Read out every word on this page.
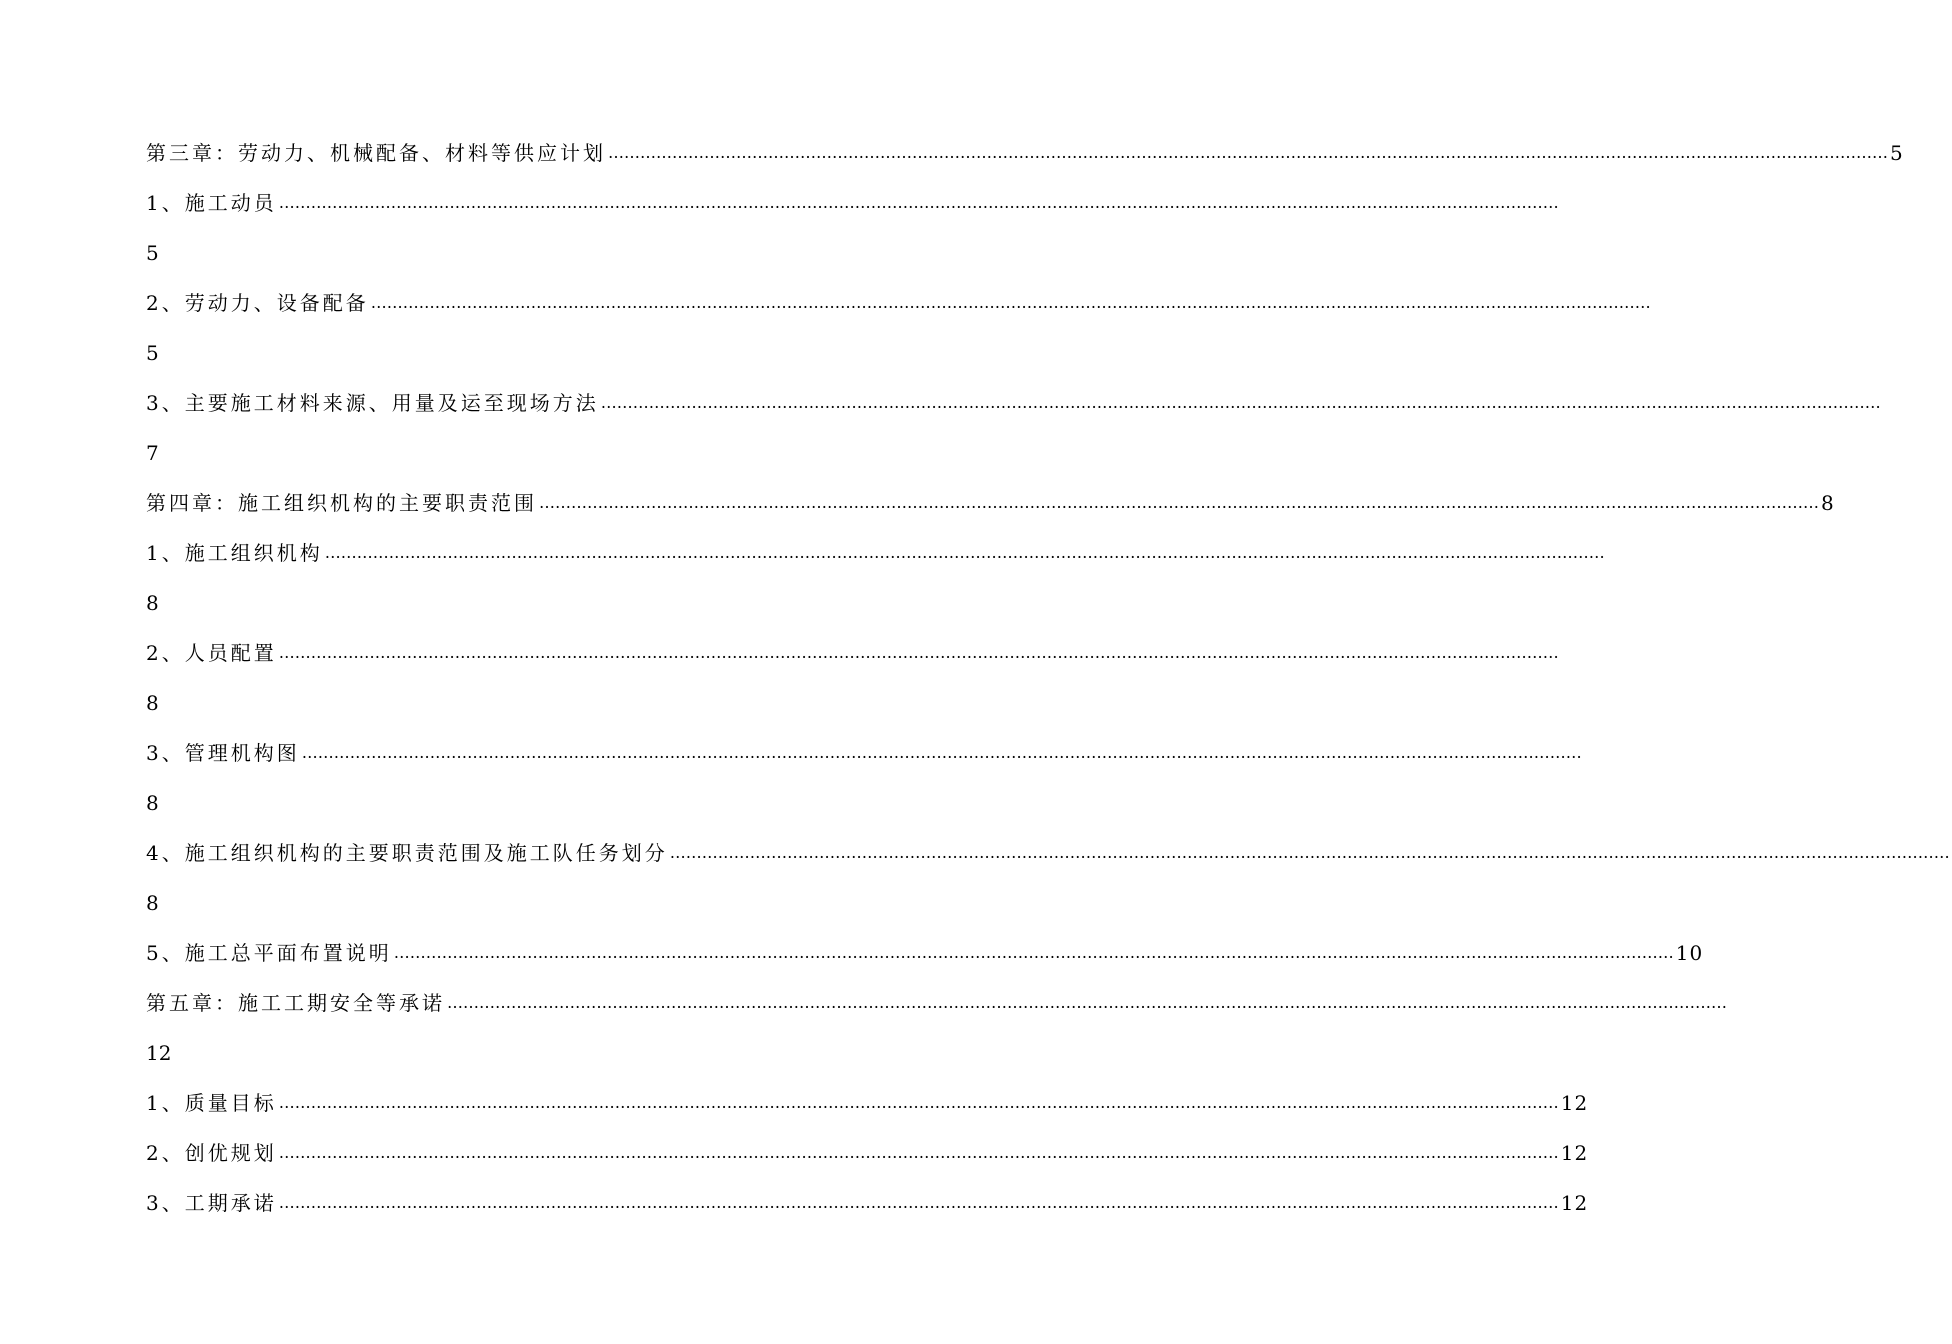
第三章：劳动力、机械配备、材料等供应计划 …………………………………………………………………………………………………………………………………………………………………………………………………………………… 5
1、施工动员 ……………………………………………………………………………………………………………………………………………………………………………………………………………………
5
2、劳动力、设备配备 ……………………………………………………………………………………………………………………………………………………………………………………………………………………
5
3、主要施工材料来源、用量及运至现场方法 ……………………………………………………………………………………………………………………………………………………………………………………………………………………
7
第四章：施工组织机构的主要职责范围 …………………………………………………………………………………………………………………………………………………………………………………………………………………… 8
1、施工组织机构 ……………………………………………………………………………………………………………………………………………………………………………………………………………………
8
2、人员配置 ……………………………………………………………………………………………………………………………………………………………………………………………………………………
8
3、管理机构图 ……………………………………………………………………………………………………………………………………………………………………………………………………………………
8
4、施工组织机构的主要职责范围及施工队任务划分 ……………………………………………………………………………………………………………………………………………………………………………………………………………………
8
5、施工总平面布置说明 …………………………………………………………………………………………………………………………………………………………………………………………………………………… 10
第五章：施工工期安全等承诺 ……………………………………………………………………………………………………………………………………………………………………………………………………………………
12
1、质量目标 …………………………………………………………………………………………………………………………………………………………………………………………………………………… 12
2、创优规划 …………………………………………………………………………………………………………………………………………………………………………………………………………………… 12
3、工期承诺 …………………………………………………………………………………………………………………………………………………………………………………………………………………… 12
